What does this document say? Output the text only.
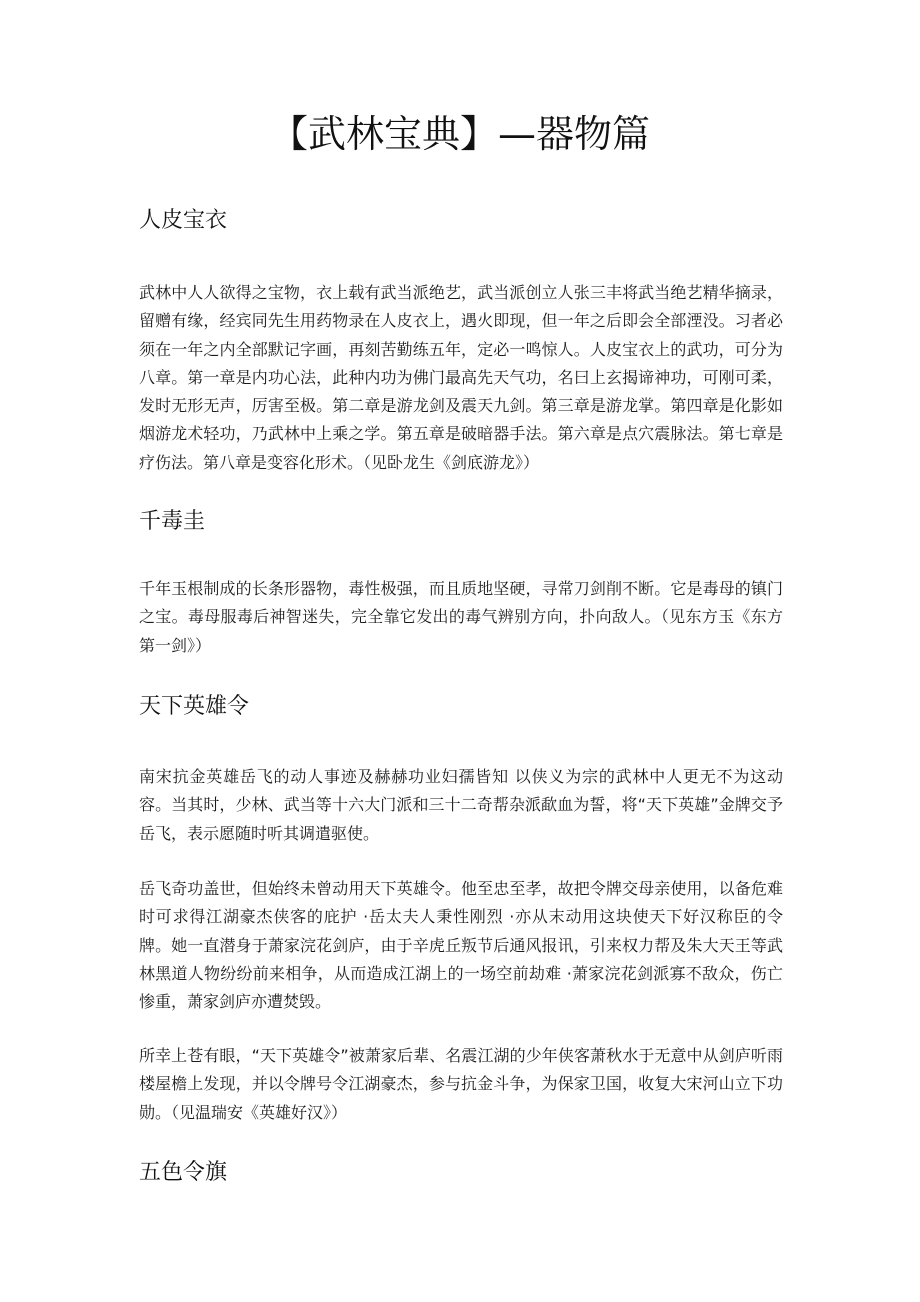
【武林宝典】—器物篇
人皮宝衣

武林中人人欲得之宝物，衣上载有武当派绝艺，武当派创立人张三丰将武当绝艺精华摘录，留赠有缘，经宾同先生用药物录在人皮衣上，遇火即现，但一年之后即会全部湮没。习者必须在一年之内全部默记字画，再刻苦勤练五年，定必一鸣惊人。人皮宝衣上的武功，可分为八章。第一章是内功心法，此种内功为佛门最高先天气功，名曰上玄揭谛神功，可刚可柔，发时无形无声，厉害至极。第二章是游龙剑及震天九剑。第三章是游龙掌。第四章是化影如烟游龙术轻功，乃武林中上乘之学。第五章是破暗器手法。第六章是点穴震脉法。第七章是疗伤法。第八章是变容化形术。（见卧龙生《剑底游龙》）

千毒圭

千年玉根制成的长条形器物，毒性极强，而且质地坚硬，寻常刀剑削不断。它是毒母的镇门之宝。毒母服毒后神智迷失，完全靠它发出的毒气辨别方向，扑向敌人。（见东方玉《东方第一剑》）

天下英雄令

南宋抗金英雄岳飞的动人事迹及赫赫功业妇孺皆知 以侠义为宗的武林中人更无不为这动容。当其时，少林、武当等十六大门派和三十二奇帮杂派歃血为誓，将“天下英雄”金牌交予岳飞，表示愿随时听其调遣驱使。

岳飞奇功盖世，但始终未曾动用天下英雄令。他至忠至孝，故把令牌交母亲使用，以备危难时可求得江湖豪杰侠客的庇护 ·岳太夫人秉性刚烈 ·亦从末动用这块使天下好汉称臣的令牌。她一直潜身于萧家浣花剑庐，由于辛虎丘叛节后通风报讯，引来权力帮及朱大天王等武林黑道人物纷纷前来相争，从而造成江湖上的一场空前劫难 ·萧家浣花剑派寡不敌众，伤亡惨重，萧家剑庐亦遭焚毁。

所幸上苍有眼，“天下英雄令”被萧家后辈、名震江湖的少年侠客萧秋水于无意中从剑庐听雨楼屋檐上发现，并以令牌号令江湖豪杰，参与抗金斗争，为保家卫国，收复大宋河山立下功勋。（见温瑞安《英雄好汉》）

五色令旗
